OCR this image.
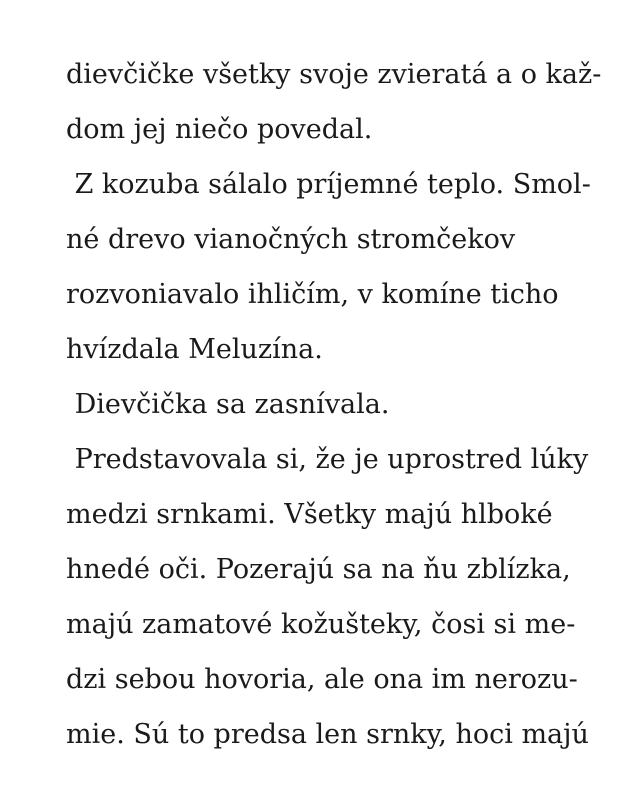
dievčičke všetky svoje zvieratá a o kaž-
dom jej niečo povedal.
Z kozuba sálalo príjemné teplo. Smol-
né drevo vianočných stromčekov
rozvoniavalo ihličím, v komíne ticho
hvízdala Meluzína.
Dievčička sa zasnívala.
Predstavovala si, že je uprostred lúky
medzi srnkami. Všetky majú hlboké
hnedé oči. Pozerajú sa na ňu zblízka,
majú zamatové kožušteky, čosi si me-
dzi sebou hovoria, ale ona im nerozu-
mie. Sú to predsa len srnky, hoci majú
